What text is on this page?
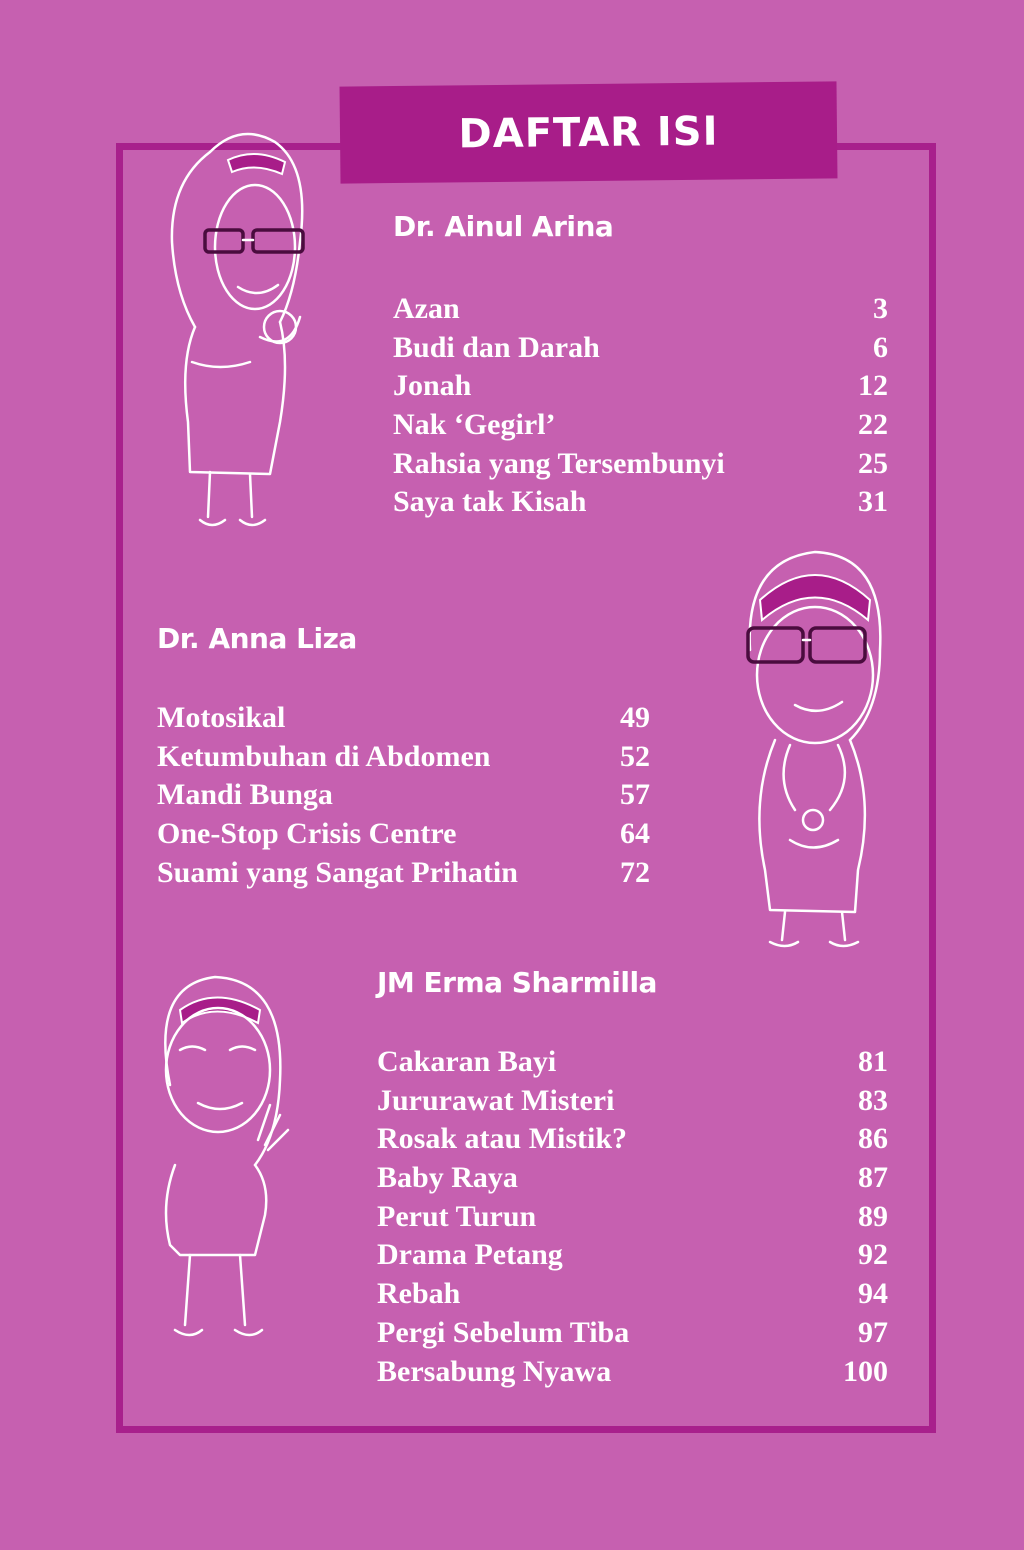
DAFTAR ISI
Dr. Ainul Arina
Azan	3
Budi dan Darah	6
Jonah	12
Nak ‘Gegirl’	22
Rahsia yang Tersembunyi	25
Saya tak Kisah	31
Dr. Anna Liza
Motosikal	49
Ketumbuhan di Abdomen	52
Mandi Bunga	57
One-Stop Crisis Centre	64
Suami yang Sangat Prihatin	72
JM Erma Sharmilla
Cakaran Bayi	81
Jururawat Misteri	83
Rosak atau Mistik?	86
Baby Raya	87
Perut Turun	89
Drama Petang	92
Rebah	94
Pergi Sebelum Tiba	97
Bersabung Nyawa	100
